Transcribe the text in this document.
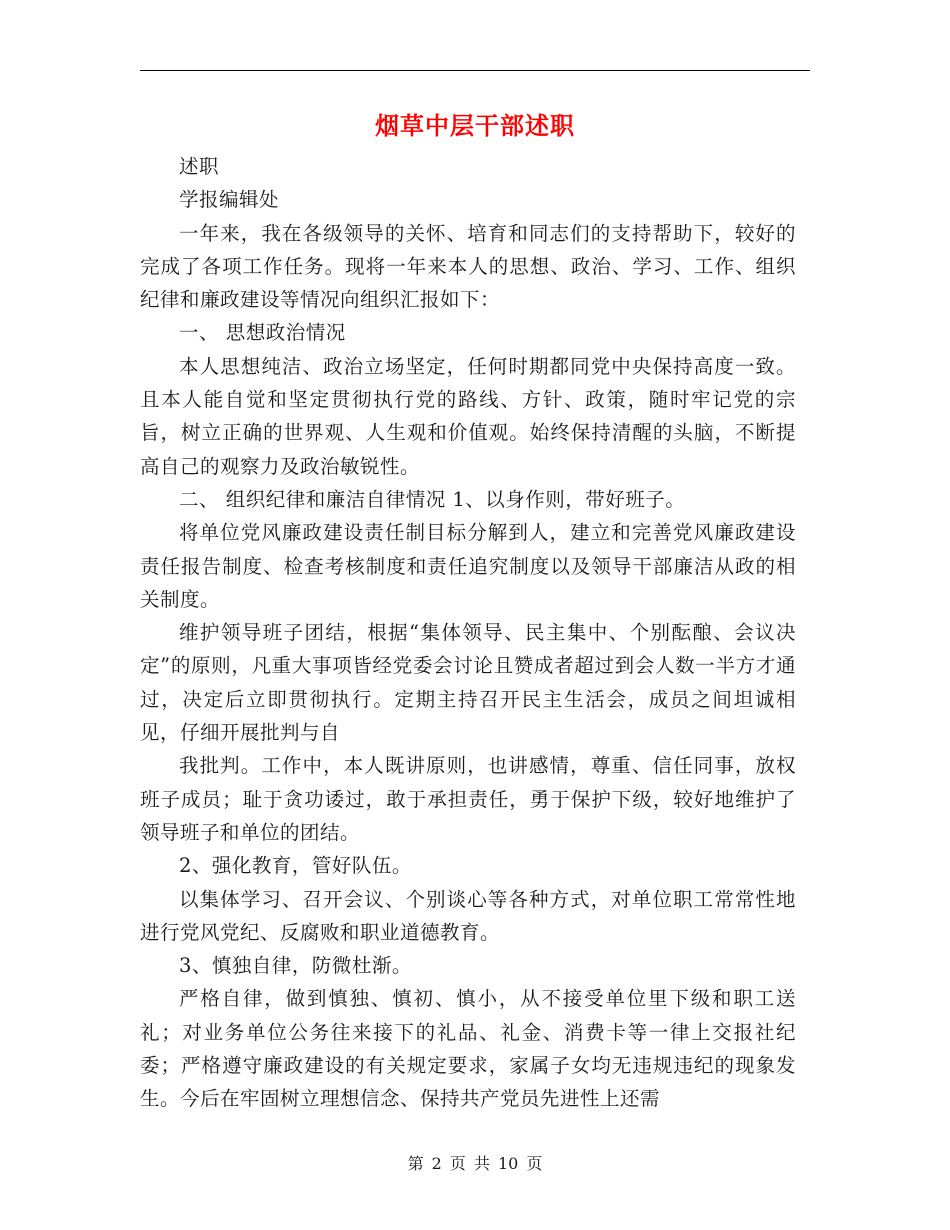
烟草中层干部述职

述职

学报编辑处

一年来，我在各级领导的关怀、培育和同志们的支持帮助下，较好的完成了各项工作任务。现将一年来本人的思想、政治、学习、工作、组织纪律和廉政建设等情况向组织汇报如下：

一、 思想政治情况

本人思想纯洁、政治立场坚定，任何时期都同党中央保持高度一致。且本人能自觉和坚定贯彻执行党的路线、方针、政策，随时牢记党的宗旨，树立正确的世界观、人生观和价值观。始终保持清醒的头脑，不断提高自己的观察力及政治敏锐性。

二、 组织纪律和廉洁自律情况 1、以身作则，带好班子。

将单位党风廉政建设责任制目标分解到人，建立和完善党风廉政建设责任报告制度、检查考核制度和责任追究制度以及领导干部廉洁从政的相关制度。

维护领导班子团结，根据“集体领导、民主集中、个别酝酿、会议决定”的原则，凡重大事项皆经党委会讨论且赞成者超过到会人数一半方才通过，决定后立即贯彻执行。定期主持召开民主生活会，成员之间坦诚相见，仔细开展批判与自

我批判。工作中，本人既讲原则，也讲感情，尊重、信任同事，放权班子成员；耻于贪功诿过，敢于承担责任，勇于保护下级，较好地维护了领导班子和单位的团结。

2、强化教育，管好队伍。

以集体学习、召开会议、个别谈心等各种方式，对单位职工常常性地进行党风党纪、反腐败和职业道德教育。

3、慎独自律，防微杜渐。

严格自律，做到慎独、慎初、慎小，从不接受单位里下级和职工送礼；对业务单位公务往来接下的礼品、礼金、消费卡等一律上交报社纪委；严格遵守廉政建设的有关规定要求，家属子女均无违规违纪的现象发生。今后在牢固树立理想信念、保持共产党员先进性上还需

第 2 页 共 10 页
